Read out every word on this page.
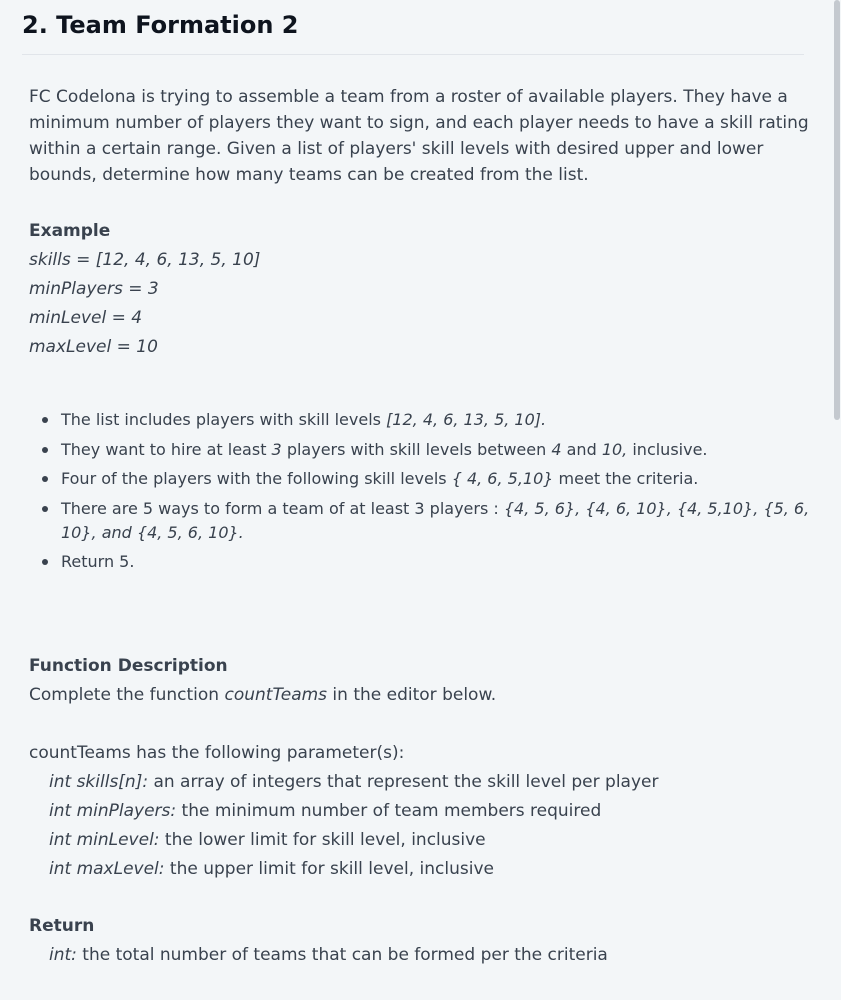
2. Team Formation 2

FC Codelona is trying to assemble a team from a roster of available players. They have a minimum number of players they want to sign, and each player needs to have a skill rating within a certain range. Given a list of players' skill levels with desired upper and lower bounds, determine how many teams can be created from the list.

Example
skills = [12, 4, 6, 13, 5, 10]
minPlayers = 3
minLevel = 4
maxLevel = 10
The list includes players with skill levels [12, 4, 6, 13, 5, 10].
They want to hire at least 3 players with skill levels between 4 and 10, inclusive.
Four of the players with the following skill levels { 4, 6, 5,10} meet the criteria.
There are 5 ways to form a team of at least 3 players : {4, 5, 6}, {4, 6, 10}, {4, 5,10}, {5, 6, 10}, and {4, 5, 6, 10}.
Return 5.
Function Description

Complete the function countTeams in the editor below.

countTeams has the following parameter(s):

int skills[n]: an array of integers that represent the skill level per player
int minPlayers: the minimum number of team members required
int minLevel: the lower limit for skill level, inclusive
int maxLevel: the upper limit for skill level, inclusive
Return
int: the total number of teams that can be formed per the criteria
